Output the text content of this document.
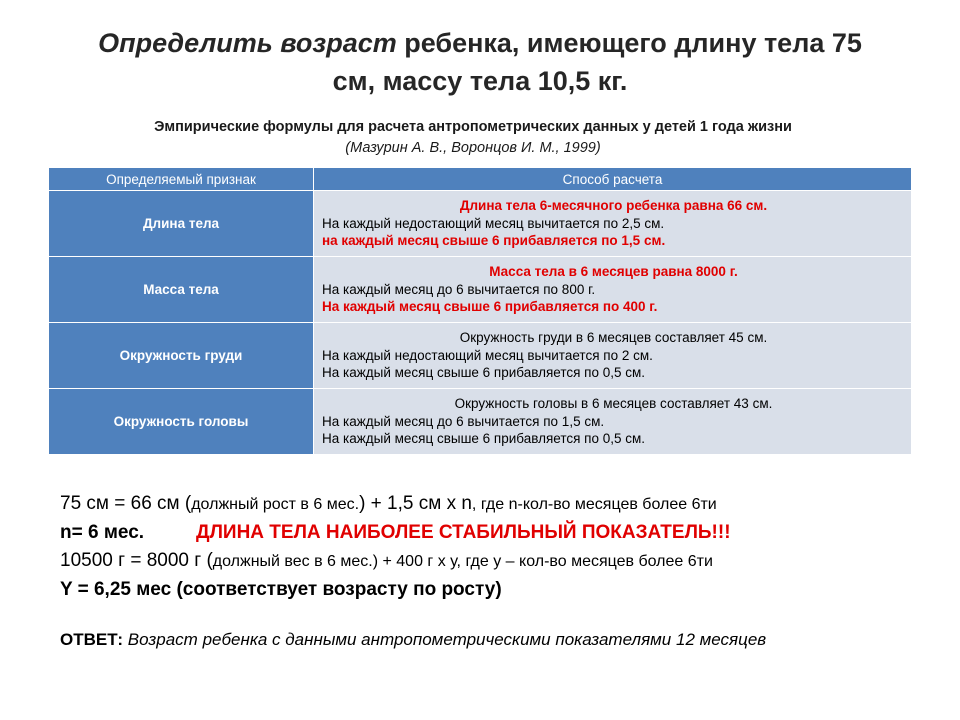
Определить возраст ребенка, имеющего длину тела 75
см, массу тела 10,5 кг.
Эмпирические формулы для расчета антропометрических данных у детей 1 года жизни
(Мазурин А. В., Воронцов И. М., 1999)
Определяемый признак	Способ расчета
Длина тела	Длина тела 6-месячного ребенка равна 66 см.
На каждый недостающий месяц вычитается по 2,5 см.
на каждый месяц свыше 6 прибавляется по 1,5 см.

Масса тела	Масса тела в 6 месяцев равна 8000 г.
На каждый месяц до 6 вычитается по 800 г.
На каждый месяц свыше 6 прибавляется по 400 г.

Окружность груди	Окружность груди в 6 месяцев составляет 45 см.
На каждый недостающий месяц вычитается по 2 см.
На каждый месяц свыше 6 прибавляется по 0,5 см.

Окружность головы	Окружность головы в 6 месяцев составляет 43 см.
На каждый месяц до 6 вычитается по 1,5 см.
На каждый месяц свыше 6 прибавляется по 0,5 см.
75 см = 66 см (должный рост в 6 мес.) + 1,5 см х n, где n-кол-во месяцев более 6ти
n= 6 мес.	ДЛИНА ТЕЛА НАИБОЛЕЕ СТАБИЛЬНЫЙ ПОКАЗАТЕЛЬ!!!
10500 г = 8000 г (должный вес в 6 мес.) + 400 г х у, где у – кол-во месяцев более 6ти
Y = 6,25 мес (соответствует возрасту по росту)
ОТВЕТ: Возраст ребенка с данными антропометрическими показателями 12 месяцев
